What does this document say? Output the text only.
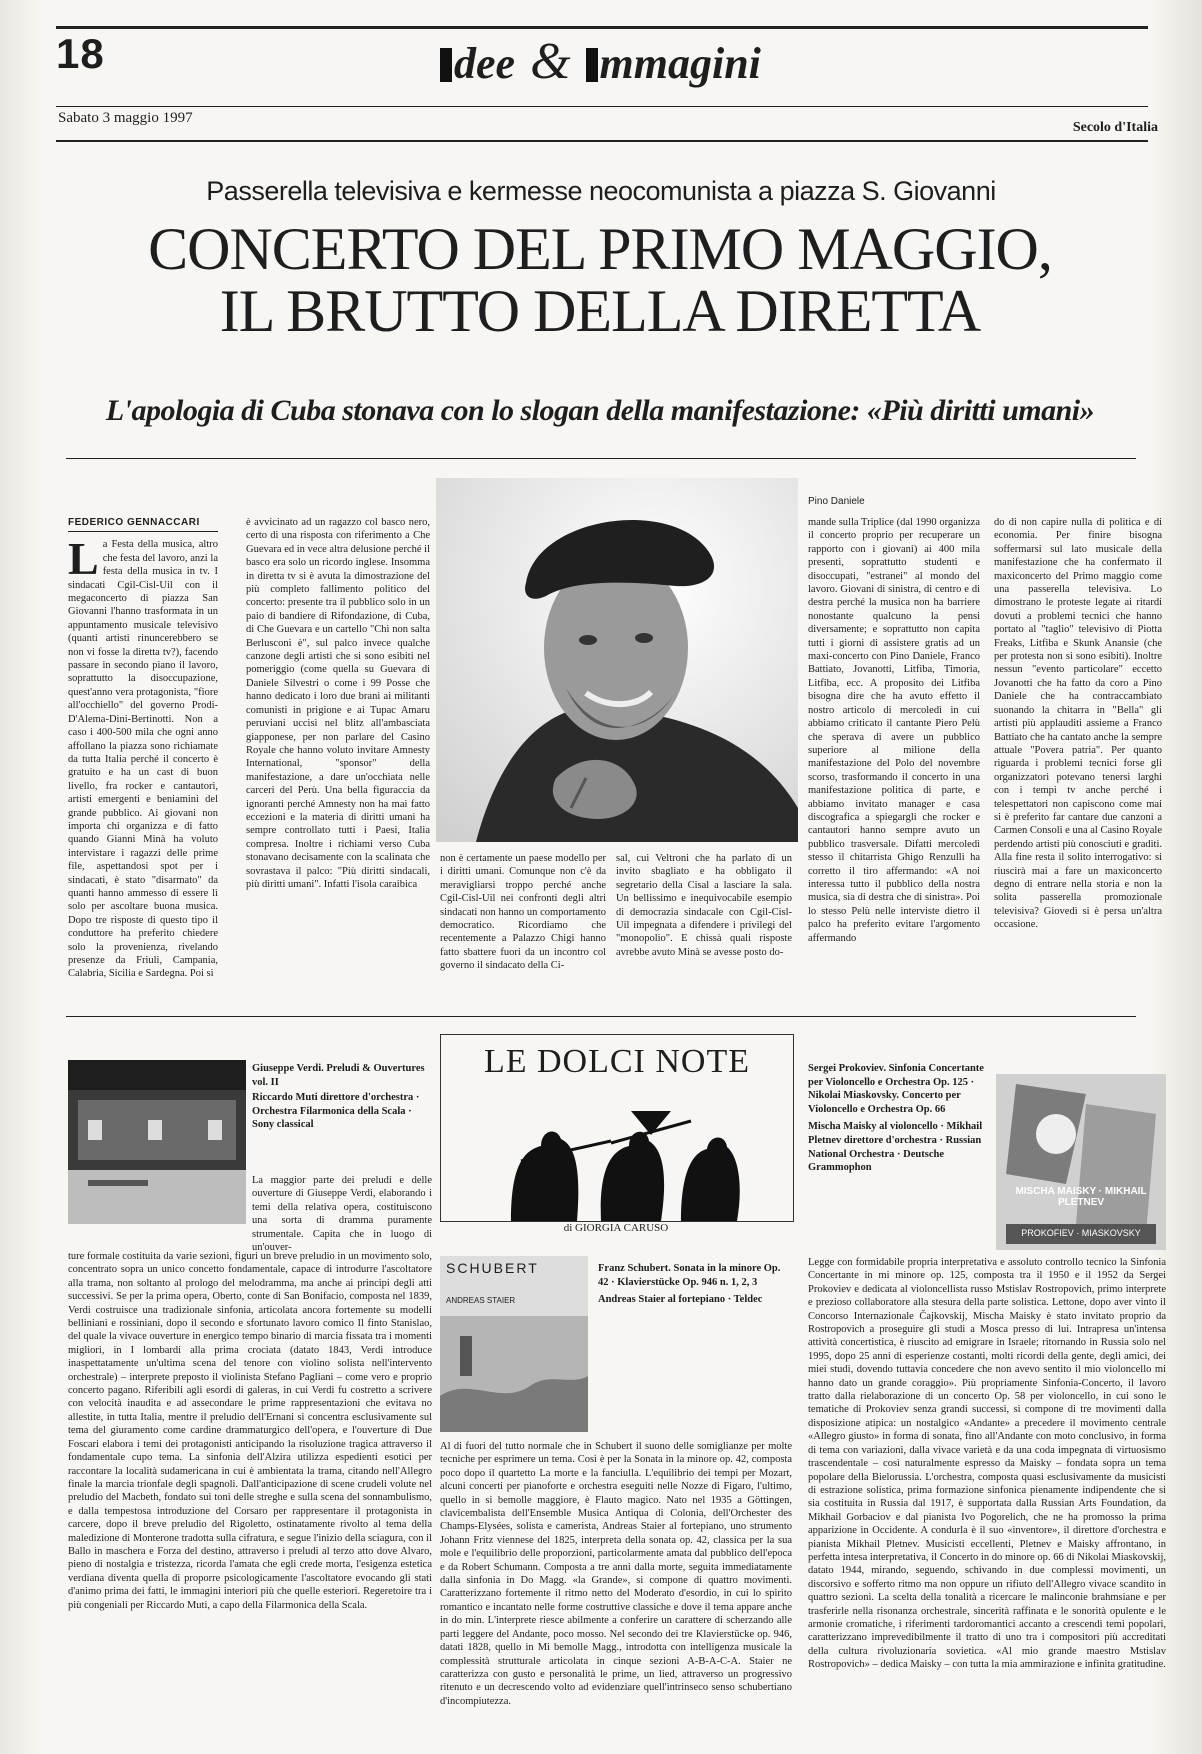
18	dee & mmagini
Sabato 3 maggio 1997
Secolo d'Italia
Passerella televisiva e kermesse neocomunista a piazza S. Giovanni
CONCERTO DEL PRIMO MAGGIO,
IL BRUTTO DELLA DIRETTA
L'apologia di Cuba stonava con lo slogan della manifestazione: «Più diritti umani»
FEDERICO GENNACCARI
L a Festa della musica, altro che festa del lavoro, anzi la festa della musica in tv. I sindacati Cgil-Cisl-Uil con il megaconcerto di piazza San Giovanni l'hanno trasformata in un appuntamento musicale televisivo (quanti artisti rinuncerebbero se non vi fosse la diretta tv?), facendo passare in secondo piano il lavoro, soprattutto la disoccupazione, quest'anno vera protagonista, "fiore all'occhiello" del governo Prodi-D'Alema-Dini-Bertinotti. Non a caso i 400-500 mila che ogni anno affollano la piazza sono richiamate da tutta Italia perché il concerto è gratuito e ha un cast di buon livello, fra rocker e cantautori, artisti emergenti e beniamini del grande pubblico. Ai giovani non importa chi organizza e di fatto quando Gianni Minà ha voluto intervistare i ragazzi delle prime file, aspettandosi spot per i sindacati, è stato "disarmato" da quanti hanno ammesso di essere lì solo per ascoltare buona musica. Dopo tre risposte di questo tipo il conduttore ha preferito chiedere solo la provenienza, rivelando presenze da Friuli, Campania, Calabria, Sicilia e Sardegna. Poi si
è avvicinato ad un ragazzo col basco nero, certo di una risposta con riferimento a Che Guevara ed in vece altra delusione perché il basco era solo un ricordo inglese. Insomma in diretta tv si è avuta la dimostrazione del più completo fallimento politico del concerto: presente tra il pubblico solo in un paio di bandiere di Rifondazione, di Cuba, di Che Guevara e un cartello "Chi non salta Berlusconi è", sul palco invece qualche canzone degli artisti che si sono esibiti nel pomeriggio (come quella su Guevara di Daniele Silvestri o come i 99 Posse che hanno dedicato i loro due brani ai militanti comunisti in prigione e ai Tupac Amaru peruviani uccisi nel blitz all'ambasciata giapponese, per non parlare del Casino Royale che hanno voluto invitare Amnesty International, "sponsor" della manifestazione, a dare un'occhiata nelle carceri del Perù. Una bella figuraccia da ignoranti perché Amnesty non ha mai fatto eccezioni e la materia di diritti umani ha sempre controllato tutti i Paesi, Italia compresa. Inoltre i richiami verso Cuba stonavano decisamente con la scalinata che sovrastava il palco: "Più diritti sindacali, più diritti umani". Infatti l'isola caraibica
Pino Daniele
non è certamente un paese modello per i diritti umani. Comunque non c'è da meravigliarsi troppo perché anche Cgil-Cisl-Uil nei confronti degli altri sindacati non hanno un comportamento democratico. Ricordiamo che recentemente a Palazzo Chigi hanno fatto sbattere fuori da un incontro col governo il sindacato della Ci-
sal, cui Veltroni che ha parlato di un invito sbagliato e ha obbligato il segretario della Cisal a lasciare la sala. Un bellissimo e inequivocabile esempio di democrazia sindacale con Cgil-Cisl-Uil impegnata a difendere i privilegi del "monopolio". E chissà quali risposte avrebbe avuto Minà se avesse posto do-
mande sulla Triplice (dal 1990 organizza il concerto proprio per recuperare un rapporto con i giovani) ai 400 mila presenti, soprattutto studenti e disoccupati, "estranei" al mondo del lavoro. Giovani di sinistra, di centro e di destra perché la musica non ha barriere nonostante qualcuno la pensi diversamente; e soprattutto non capita tutti i giorni di assistere gratis ad un maxi-concerto con Pino Daniele, Franco Battiato, Jovanotti, Litfiba, Timoria, Litfiba, ecc. A proposito dei Litfiba bisogna dire che ha avuto effetto il nostro articolo di mercoledì in cui abbiamo criticato il cantante Piero Pelù che sperava di avere un pubblico superiore al milione della manifestazione del Polo del novembre scorso, trasformando il concerto in una manifestazione politica di parte, e abbiamo invitato manager e casa discografica a spiegargli che rocker e cantautori hanno sempre avuto un pubblico trasversale. Difatti mercoledì stesso il chitarrista Ghigo Renzulli ha corretto il tiro affermando: «A noi interessa tutto il pubblico della nostra musica, sia di destra che di sinistra». Poi lo stesso Pelù nelle interviste dietro il palco ha preferito evitare l'argomento affermando
do di non capire nulla di politica e di economia. Per finire bisogna soffermarsi sul lato musicale della manifestazione che ha confermato il maxiconcerto del Primo maggio come una passerella televisiva. Lo dimostrano le proteste legate ai ritardi dovuti a problemi tecnici che hanno portato al "taglio" televisivo di Piotta Freaks, Litfiba e Skunk Anansie (che per protesta non si sono esibiti). Inoltre nessun "evento particolare" eccetto Jovanotti che ha fatto da coro a Pino Daniele che ha contraccambiato suonando la chitarra in "Bella" gli artisti più applauditi assieme a Franco Battiato che ha cantato anche la sempre attuale "Povera patria". Per quanto riguarda i problemi tecnici forse gli organizzatori potevano tenersi larghi con i tempi tv anche perché i telespettatori non capiscono come mai si è preferito far cantare due canzoni a Carmen Consoli e una al Casino Royale perdendo artisti più conosciuti e graditi. Alla fine resta il solito interrogativo: si riuscirà mai a fare un maxiconcerto degno di entrare nella storia e non la solita passerella promozionale televisiva? Giovedì si è persa un'altra occasione.
LE DOLCI NOTE
di GIORGIA CARUSO
Giuseppe Verdi. Preludi & Ouvertures vol. II
Riccardo Muti direttore d'orchestra · Orchestra Filarmonica della Scala · Sony classical
La maggior parte dei preludi e delle ouverture di Giuseppe Verdi, elaborando i temi della relativa opera, costituiscono una sorta di dramma puramente strumentale. Capita che in luogo di un'ouver-
ture formale costituita da varie sezioni, figuri un breve preludio in un movimento solo, concentrato sopra un unico concetto fondamentale, capace di introdurre l'ascoltatore alla trama, non soltanto al prologo del melodramma, ma anche ai principi degli atti successivi. Se per la prima opera, Oberto, conte di San Bonifacio, composta nel 1839, Verdi costruisce una tradizionale sinfonia, articolata ancora fortemente su modelli belliniani e rossiniani, dopo il secondo e sfortunato lavoro comico Il finto Stanislao, del quale la vivace ouverture in energico tempo binario di marcia fissata tra i momenti migliori, in I lombardi alla prima crociata (datato 1843, Verdi introduce inaspettatamente un'ultima scena del tenore con violino solista nell'intervento orchestrale) – interprete preposto il violinista Stefano Pagliani – come vero e proprio concerto pagano. Riferibili agli esordi di galeras, in cui Verdi fu costretto a scrivere con velocità inaudita e ad assecondare le prime rappresentazioni che evitava no allestite, in tutta Italia, mentre il preludio dell'Ernani si concentra esclusivamente sul tema del giuramento come cardine drammaturgico dell'opera, e l'ouverture di Due Foscari elabora i temi dei protagonisti anticipando la risoluzione tragica attraverso il fondamentale cupo tema. La sinfonia dell'Alzira utilizza espedienti esotici per raccontare la località sudamericana in cui è ambientata la trama, citando nell'Allegro finale la marcia trionfale degli spagnoli. Dall'anticipazione di scene crudeli volute nel preludio del Macbeth, fondato sui toni delle streghe e sulla scena del sonnambulismo, e dalla tempestosa introduzione del Corsaro per rappresentare il protagonista in carcere, dopo il breve preludio del Rigoletto, ostinatamente rivolto al tema della maledizione di Monterone tradotta sulla cifratura, e segue l'inizio della sciagura, con il Ballo in maschera e Forza del destino, attraverso i preludi al terzo atto dove Alvaro, pieno di nostalgia e tristezza, ricorda l'amata che egli crede morta, l'esigenza estetica verdiana diventa quella di proporre psicologicamente l'ascoltatore evocando gli stati d'animo prima dei fatti, le immagini interiori più che quelle esteriori. Regeretoire tra i più congeniali per Riccardo Muti, a capo della Filarmonica della Scala.
SCHUBERT
ANDREAS STAIER
Franz Schubert. Sonata in la minore Op. 42 · Klavierstücke Op. 946 n. 1, 2, 3
Andreas Staier al fortepiano · Teldec
Al di fuori del tutto normale che in Schubert il suono delle somiglianze per molte tecniche per esprimere un tema. Così è per la Sonata in la minore op. 42, composta poco dopo il quartetto La morte e la fanciulla. L'equilibrio dei tempi per Mozart, alcuni concerti per pianoforte e orchestra eseguiti nelle Nozze di Figaro, l'ultimo, quello in si bemolle maggiore, è Flauto magico. Nato nel 1935 a Göttingen, clavicembalista dell'Ensemble Musica Antiqua di Colonia, dell'Orchester des Champs-Elysées, solista e camerista, Andreas Staier al fortepiano, uno strumento Johann Fritz viennese del 1825, interpreta della sonata op. 42, classica per la sua mole e l'equilibrio delle proporzioni, particolarmente amata dal pubblico dell'epoca e da Robert Schumann. Composta a tre anni dalla morte, seguita immediatamente dalla sinfonia in Do Magg. «la Grande», si compone di quattro movimenti. Caratterizzano fortemente il ritmo netto del Moderato d'esordio, in cui lo spirito romantico e incantato nelle forme costruttive classiche e dove il tema appare anche in do min. L'interprete riesce abilmente a conferire un carattere di scherzando alle parti leggere del Andante, poco mosso. Nel secondo dei tre Klavierstücke op. 946, datati 1828, quello in Mi bemolle Magg., introdotta con intelligenza musicale la complessità strutturale articolata in cinque sezioni A-B-A-C-A. Staier ne caratterizza con gusto e personalità le prime, un lied, attraverso un progressivo ritenuto e un decrescendo volto ad evidenziare quell'intrinseco senso schubertiano d'incompiutezza.
Sergei Prokoviev. Sinfonia Concertante per Violoncello e Orchestra Op. 125 · Nikolai Miaskovsky. Concerto per Violoncello e Orchestra Op. 66
Mischa Maisky al violoncello · Mikhail Pletnev direttore d'orchestra · Russian National Orchestra · Deutsche Grammophon
MISCHA MAISKY · MIKHAIL PLETNEV
PROKOFIEV · MIASKOVSKY
Legge con formidabile propria interpretativa e assoluto controllo tecnico la Sinfonia Concertante in mi minore op. 125, composta tra il 1950 e il 1952 da Sergei Prokoviev e dedicata al violoncellista russo Mstislav Rostropovich, primo interprete e prezioso collaboratore alla stesura della parte solistica. Lettone, dopo aver vinto il Concorso Internazionale Čajkovskij, Mischa Maisky è stato invitato proprio da Rostropovich a proseguire gli studi a Mosca presso di lui. Intrapresa un'intensa attività concertistica, è riuscito ad emigrare in Israele; ritornando in Russia solo nel 1995, dopo 25 anni di esperienze costanti, molti ricordi della gente, degli amici, dei miei studi, dovendo tuttavia concedere che non avevo sentito il mio violoncello mi hanno dato un grande coraggio». Più propriamente Sinfonia-Concerto, il lavoro tratto dalla rielaborazione di un concerto Op. 58 per violoncello, in cui sono le tematiche di Prokoviev senza grandi successi, si compone di tre movimenti dalla disposizione atipica: un nostalgico «Andante» a precedere il movimento centrale «Allegro giusto» in forma di sonata, fino all'Andante con moto conclusivo, in forma di tema con variazioni, dalla vivace varietà e da una coda impegnata di virtuosismo trascendentale – così naturalmente espresso da Maisky – fondata sopra un tema popolare della Bielorussia. L'orchestra, composta quasi esclusivamente da musicisti di estrazione solistica, prima formazione sinfonica pienamente indipendente che si sia costituita in Russia dal 1917, è supportata dalla Russian Arts Foundation, da Mikhail Gorbaciov e dal pianista Ivo Pogorelich, che ne ha promosso la prima apparizione in Occidente. A condurla è il suo «inventore», il direttore d'orchestra e pianista Mikhail Pletnev. Musicisti eccellenti, Pletnev e Maisky affrontano, in perfetta intesa interpretativa, il Concerto in do minore op. 66 di Nikolai Miaskovskij, datato 1944, mirando, seguendo, schivando in due complessi movimenti, un discorsivo e sofferto ritmo ma non oppure un rifiuto dell'Allegro vivace scandito in quattro sezioni. La scelta della tonalità a ricercare le malinconie brahmsiane e per trasferirle nella risonanza orchestrale, sincerità raffinata e le sonorità opulente e le armonie cromatiche, i riferimenti tardoromantici accanto a crescendi temi popolari, caratterizzano imprevedibilmente il tratto di uno tra i compositori più accreditati della cultura rivoluzionaria sovietica. «Al mio grande maestro Mstislav Rostropovich» – dedica Maisky – con tutta la mia ammirazione e infinita gratitudine.
